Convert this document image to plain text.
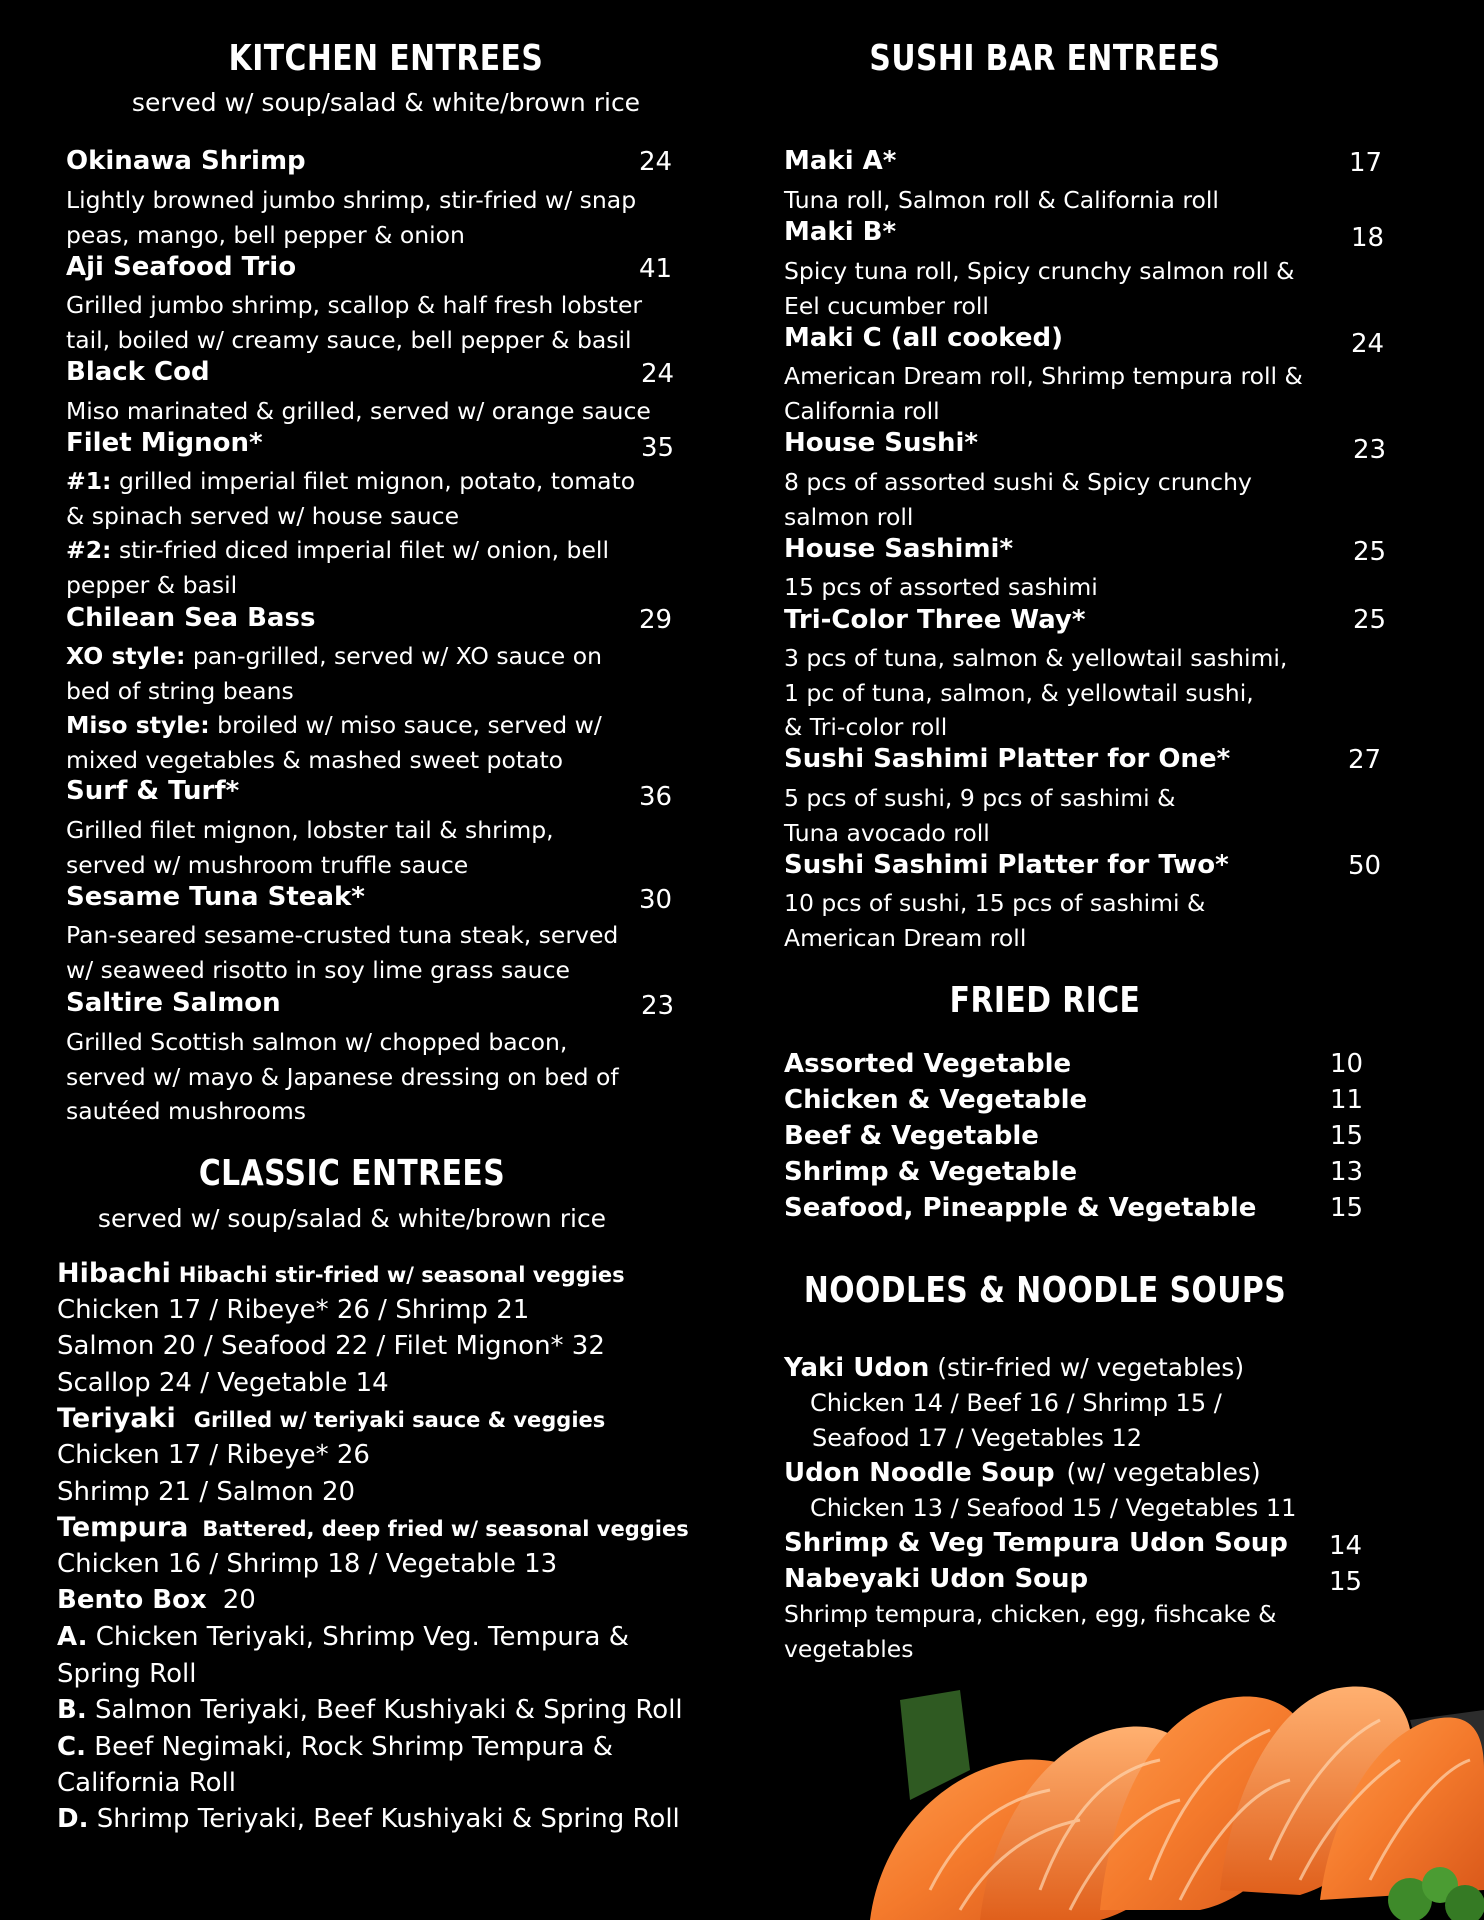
KITCHEN ENTREES
served w/ soup/salad & white/brown rice
Okinawa Shrimp	24
Lightly browned jumbo shrimp, stir-fried w/ snap
peas, mango, bell pepper & onion
Aji Seafood Trio	41
Grilled jumbo shrimp, scallop & half fresh lobster
tail, boiled w/ creamy sauce, bell pepper & basil
Black Cod	24
Miso marinated & grilled, served w/ orange sauce
Filet Mignon*	35
#1: grilled imperial filet mignon, potato, tomato
& spinach served w/ house sauce
#2: stir-fried diced imperial filet w/ onion, bell
pepper & basil
Chilean Sea Bass	29
XO style: pan-grilled, served w/ XO sauce on
bed of string beans
Miso style: broiled w/ miso sauce, served w/
mixed vegetables & mashed sweet potato
Surf & Turf*	36
Grilled filet mignon, lobster tail & shrimp,
served w/ mushroom truffle sauce
Sesame Tuna Steak*	30
Pan-seared sesame-crusted tuna steak, served
w/ seaweed risotto in soy lime grass sauce
Saltire Salmon	23
Grilled Scottish salmon w/ chopped bacon,
served w/ mayo & Japanese dressing on bed of
sautéed mushrooms
CLASSIC ENTREES
served w/ soup/salad & white/brown rice
Hibachi Hibachi stir-fried w/ seasonal veggies
Chicken 17 / Ribeye* 26 / Shrimp 21
Salmon 20 / Seafood 22 / Filet Mignon* 32
Scallop 24 / Vegetable 14
Teriyaki Grilled w/ teriyaki sauce & veggies
Chicken 17 / Ribeye* 26
Shrimp 21 / Salmon 20
Tempura Battered, deep fried w/ seasonal veggies
Chicken 16 / Shrimp 18 / Vegetable 13
Bento Box 20
A. Chicken Teriyaki, Shrimp Veg. Tempura &
Spring Roll
B. Salmon Teriyaki, Beef Kushiyaki & Spring Roll
C. Beef Negimaki, Rock Shrimp Tempura &
California Roll
D. Shrimp Teriyaki, Beef Kushiyaki & Spring Roll
SUSHI BAR ENTREES
Maki A*	17
Tuna roll, Salmon roll & California roll
Maki B*	18
Spicy tuna roll, Spicy crunchy salmon roll &
Eel cucumber roll
Maki C (all cooked)	24
American Dream roll, Shrimp tempura roll &
California roll
House Sushi*	23
8 pcs of assorted sushi & Spicy crunchy
salmon roll
House Sashimi*	25
15 pcs of assorted sashimi
Tri-Color Three Way*	25
3 pcs of tuna, salmon & yellowtail sashimi,
1 pc of tuna, salmon, & yellowtail sushi,
& Tri-color roll
Sushi Sashimi Platter for One*	27
5 pcs of sushi, 9 pcs of sashimi &
Tuna avocado roll
Sushi Sashimi Platter for Two*	50
10 pcs of sushi, 15 pcs of sashimi &
American Dream roll
FRIED RICE
Assorted Vegetable	10
Chicken & Vegetable	11
Beef & Vegetable	15
Shrimp & Vegetable	13
Seafood, Pineapple & Vegetable	15
NOODLES & NOODLE SOUPS
Yaki Udon (stir-fried w/ vegetables)
Chicken 14 / Beef 16 / Shrimp 15 /
Seafood 17 / Vegetables 12
Udon Noodle Soup (w/ vegetables)
Chicken 13 / Seafood 15 / Vegetables 11
Shrimp & Veg Tempura Udon Soup 14
Nabeyaki Udon Soup	15
Shrimp tempura, chicken, egg, fishcake &
vegetables
